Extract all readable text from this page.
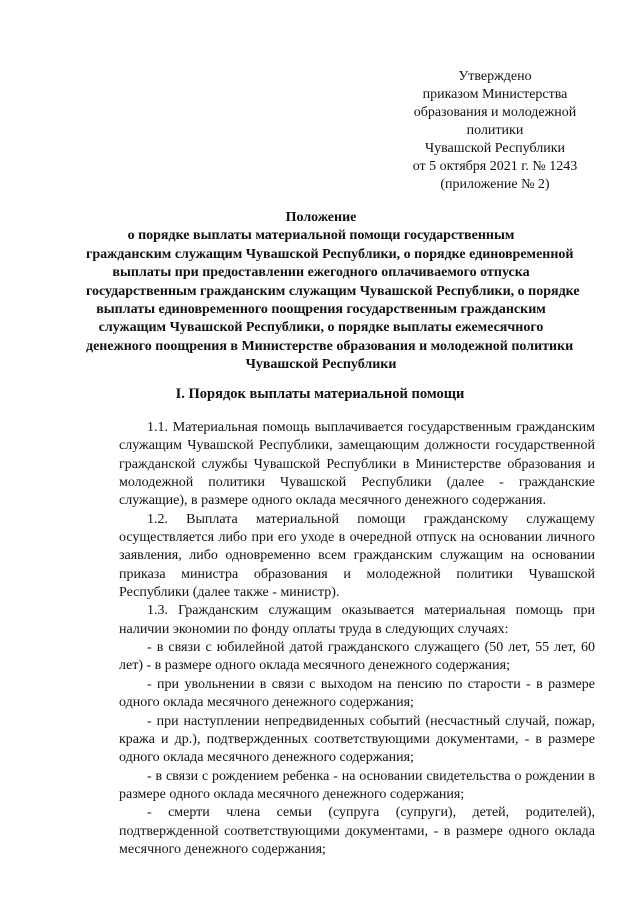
Утверждено
приказом Министерства
образования и молодежной
политики
Чувашской Республики
от 5 октября 2021 г. № 1243
(приложение № 2)
Положение
о порядке выплаты материальной помощи государственным
гражданским служащим Чувашской Республики, о порядке единовременной
выплаты при предоставлении ежегодного оплачиваемого отпуска
государственным гражданским служащим Чувашской Республики, о порядке
выплаты единовременного поощрения государственным гражданским
служащим Чувашской Республики, о порядке выплаты ежемесячного
денежного поощрения в Министерстве образования и молодежной политики
Чувашской Республики
I. Порядок выплаты материальной помощи

1.1. Материальная помощь выплачивается государственным гражданским служащим Чувашской Республики, замещающим должности государственной гражданской службы Чувашской Республики в Министерстве образования и молодежной политики Чувашской Республики (далее - гражданские служащие), в размере одного оклада месячного денежного содержания.

1.2. Выплата материальной помощи гражданскому служащему осуществляется либо при его уходе в очередной отпуск на основании личного заявления, либо одновременно всем гражданским служащим на основании приказа министра образования и молодежной политики Чувашской Республики (далее также - министр).

1.3. Гражданским служащим оказывается материальная помощь при наличии экономии по фонду оплаты труда в следующих случаях:

- в связи с юбилейной датой гражданского служащего (50 лет, 55 лет, 60 лет) - в размере одного оклада месячного денежного содержания;

- при увольнении в связи с выходом на пенсию по старости - в размере одного оклада месячного денежного содержания;

- при наступлении непредвиденных событий (несчастный случай, пожар, кража и др.), подтвержденных соответствующими документами, - в размере одного оклада месячного денежного содержания;

- в связи с рождением ребенка - на основании свидетельства о рождении в размере одного оклада месячного денежного содержания;

- смерти члена семьи (супруга (супруги), детей, родителей), подтвержденной соответствующими документами, - в размере одного оклада месячного денежного содержания;
